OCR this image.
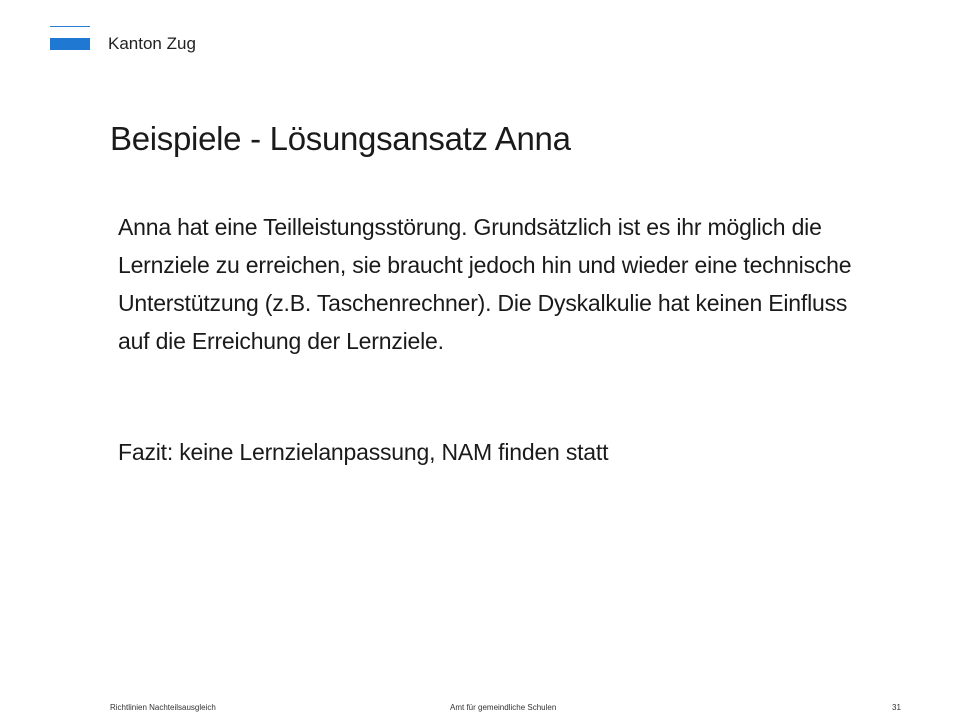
Kanton Zug
Beispiele - Lösungsansatz Anna

Anna hat eine Teilleistungsstörung. Grundsätzlich ist es ihr möglich die Lernziele zu erreichen, sie braucht jedoch hin und wieder eine technische Unterstützung (z.B. Taschenrechner). Die Dyskalkulie hat keinen Einfluss auf die Erreichung der Lernziele.

Fazit: keine Lernzielanpassung, NAM finden statt
Richtlinien Nachteilsausgleich	Amt für gemeindliche Schulen	31
